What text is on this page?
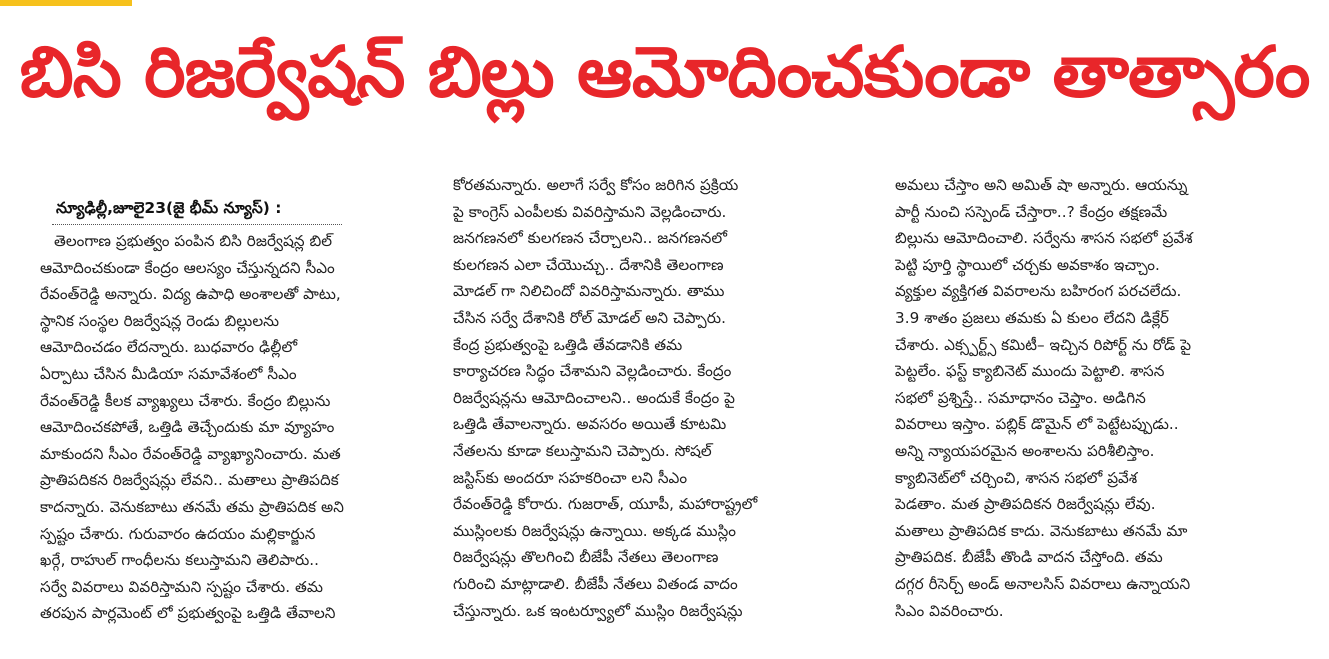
బిసి రిజర్వేషన్ బిల్లు ఆమోదించకుండా తాత్సారం
న్యూఢిల్లీ,జూలై23(జై భీమ్ న్యూస్) :

తెలంగాణ ప్రభుత్వం పంపిన బిసి రిజర్వేషన్ల బిల్

ఆమోదించకుండా కేంద్రం ఆలస్యం చేస్తున్నదని సీఎం

రేవంత్‌రెడ్డి అన్నారు. విద్య ఉపాధి అంశాలతో పాటు,

స్థానిక సంస్థల రిజర్వేషన్ల రెండు బిల్లులను

ఆమోదించడం లేదన్నారు. బుధవారం ఢిల్లీలో

ఏర్పాటు చేసిన మీడియా సమావేశంలో సీఎం

రేవంత్‌రెడ్డి కీలక వ్యాఖ్యలు చేశారు. కేంద్రం బిల్లును

ఆమోదించకపోతే, ఒత్తిడి తెచ్చేందుకు మా వ్యూహం

మాకుందని సీఎం రేవంత్‌రెడ్డి వ్యాఖ్యానించారు. మత

ప్రాతిపదికన రిజర్వేషన్లు లేవని.. మతాలు ప్రాతిపదిక

కాదన్నారు. వెనుకబాటు తనమే తమ ప్రాతిపదిక అని

స్పష్టం చేశారు. గురువారం ఉదయం మల్లికార్జున

ఖర్గే, రాహుల్ గాంధీలను కలుస్తామని తెలిపారు..

సర్వే వివరాలు వివరిస్తామని స్పష్టం చేశారు. తమ

తరపున పార్లమెంట్ లో ప్రభుత్వంపై ఒత్తిడి తేవాలని

కోరతమన్నారు. అలాగే సర్వే కోసం జరిగిన ప్రక్రియ

పై కాంగ్రెస్ ఎంపీలకు వివరిస్తామని వెల్లడించారు.

జనగణనలో కులగణన చేర్చాలని.. జనగణనలో

కులగణన ఎలా చేయొచ్చు.. దేశానికి తెలంగాణ

మోడల్ గా నిలిచిందో వివరిస్తామన్నారు. తాము

చేసిన సర్వే దేశానికి రోల్ మోడల్ అని చెప్పారు.

కేంద్ర ప్రభుత్వంపై ఒత్తిడి తేవడానికి తమ

కార్యాచరణ సిద్ధం చేశామని వెల్లడించారు. కేంద్రం

రిజర్వేషన్లను ఆమోదించాలని.. అందుకే కేంద్రం పై

ఒత్తిడి తేవాలన్నారు. అవసరం అయితే కూటమి

నేతలను కూడా కలుస్తామని చెప్పారు. సోషల్

జస్టిస్‌కు అందరూ సహకరించా లని సీఎం

రేవంత్‌రెడ్డి కోరారు. గుజరాత్, యూపీ, మహారాష్ట్రలో

ముస్లింలకు రిజర్వేషన్లు ఉన్నాయి. అక్కడ ముస్లిం

రిజర్వేషన్లు తొలగించి బీజేపీ నేతలు తెలంగాణ

గురించి మాట్లాడాలి. బీజేపీ నేతలు వితండ వాదం

చేస్తున్నారు. ఒక ఇంటర్వ్యూలో ముస్లిం రిజర్వేషన్లు

అమలు చేస్తాం అని అమిత్ షా అన్నారు. ఆయన్ను

పార్టీ నుంచి సస్పెండ్ చేస్తారా..? కేంద్రం తక్షణమే

బిల్లును ఆమోదించాలి. సర్వేను శాసన సభలో ప్రవేశ

పెట్టి పూర్తి స్థాయిలో చర్చకు అవకాశం ఇచ్చాం.

వ్యక్తుల వ్యక్తిగత వివరాలను బహిరంగ పరచలేదు.

3.9 శాతం ప్రజలు తమకు ఏ కులం లేదని డిక్లేర్

చేశారు. ఎక్స్పర్ట్స్ కమిటీ– ఇచ్చిన రిపోర్ట్ ను రోడ్ పై

పెట్టలేం. ఫస్ట్ క్యాబినెట్ ముందు పెట్టాలి. శాసన

సభలో ప్రశ్నిస్తే.. సమాధానం చెప్తాం. అడిగిన

వివరాలు ఇస్తాం. పబ్లిక్ డొమైన్ లో పెట్టేటప్పుడు..

అన్ని న్యాయపరమైన అంశాలను పరిశీలిస్తాం.

క్యాబినెట్‌లో చర్చించి, శాసన సభలో ప్రవేశ

పెడతాం. మత ప్రాతిపదికన రిజర్వేషన్లు లేవు.

మతాలు ప్రాతిపదిక కాదు. వెనుకబాటు తనమే మా

ప్రాతిపదిక. బీజేపీ తొండి వాదన చేస్తోంది. తమ

దగ్గర రీసెర్చ్ అండ్ అనాలసిస్ వివరాలు ఉన్నాయని

సిఎం వివరించారు.
